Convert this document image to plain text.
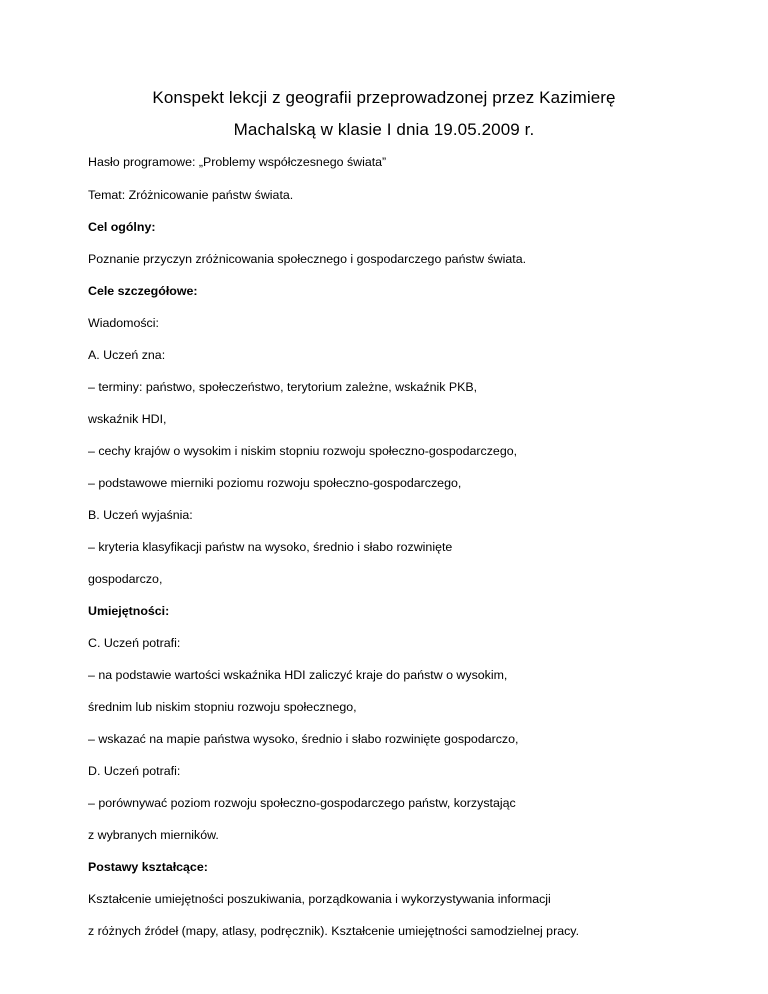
Konspekt lekcji z geografii przeprowadzonej przez Kazimierę
Machalską w klasie I dnia 19.05.2009 r.
Hasło programowe: „Problemy współczesnego świata”
Temat: Zróżnicowanie państw świata.
Cel ogólny:
Poznanie przyczyn zróżnicowania społecznego i gospodarczego państw świata.
Cele szczegółowe:
Wiadomości:
A. Uczeń zna:
‒ terminy: państwo, społeczeństwo, terytorium zależne, wskaźnik PKB,
wskaźnik HDI,
‒ cechy krajów o wysokim i niskim stopniu rozwoju społeczno-gospodarczego,
‒ podstawowe mierniki poziomu rozwoju społeczno-gospodarczego,
B. Uczeń wyjaśnia:
‒ kryteria klasyfikacji państw na wysoko, średnio i słabo rozwinięte
gospodarczo,
Umiejętności:
C. Uczeń potrafi:
‒ na podstawie wartości wskaźnika HDI zaliczyć kraje do państw o wysokim,
średnim lub niskim stopniu rozwoju społecznego,
‒ wskazać na mapie państwa wysoko, średnio i słabo rozwinięte gospodarczo,
D. Uczeń potrafi:
‒ porównywać poziom rozwoju społeczno-gospodarczego państw, korzystając
z wybranych mierników.
Postawy kształcące:
Kształcenie umiejętności poszukiwania, porządkowania i wykorzystywania informacji
z różnych źródeł (mapy, atlasy, podręcznik). Kształcenie umiejętności samodzielnej pracy.
